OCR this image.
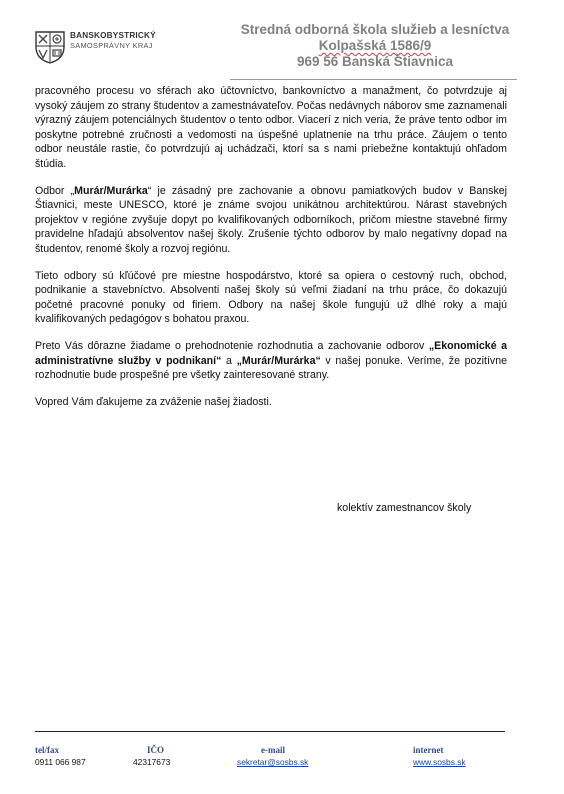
BANSKOBYSTRICKÝ
SAMOSPRÁVNY KRAJ
Stredná odborná škola služieb a lesníctva
Kolpašská 1586/9
969 56 Banská Štiavnica

pracovného procesu vo sférach ako účtovníctvo, bankovníctvo a manažment, čo potvrdzuje aj vysoký záujem zo strany študentov a zamestnávateľov. Počas nedávnych náborov sme zaznamenali výrazný záujem potenciálnych študentov o tento odbor. Viacerí z nich veria, že práve tento odbor im poskytne potrebné zručnosti a vedomosti na úspešné uplatnenie na trhu práce. Záujem o tento odbor neustále rastie, čo potvrdzujú aj uchádzači, ktorí sa s nami priebežne kontaktujú ohľadom štúdia.

Odbor „Murár/Murárka“ je zásadný pre zachovanie a obnovu pamiatkových budov v Banskej Štiavnici, meste UNESCO, ktoré je známe svojou unikátnou architektúrou. Nárast stavebných projektov v regióne zvyšuje dopyt po kvalifikovaných odborníkoch, pričom miestne stavebné firmy pravidelne hľadajú absolventov našej školy. Zrušenie týchto odborov by malo negatívny dopad na študentov, renomé školy a rozvoj regiónu.

Tieto odbory sú kľúčové pre miestne hospodárstvo, ktoré sa opiera o cestovný ruch, obchod, podnikanie a stavebníctvo. Absolventi našej školy sú veľmi žiadaní na trhu práce, čo dokazujú početné pracovné ponuky od firiem. Odbory na našej škole fungujú už dlhé roky a majú kvalifikovaných pedagógov s bohatou praxou.

Preto Vás dôrazne žiadame o prehodnotenie rozhodnutia a zachovanie odborov „Ekonomické a administratívne služby v podnikaní“ a „Murár/Murárka“ v našej ponuke. Veríme, že pozitívne rozhodnutie bude prospešné pre všetky zainteresované strany.

Vopred Vám ďakujeme za zváženie našej žiadosti.

kolektív zamestnancov školy
tel/fax
0911 066 987
IČO
42317673
e-mail
sekretar@sosbs.sk
internet
www.sosbs.sk
